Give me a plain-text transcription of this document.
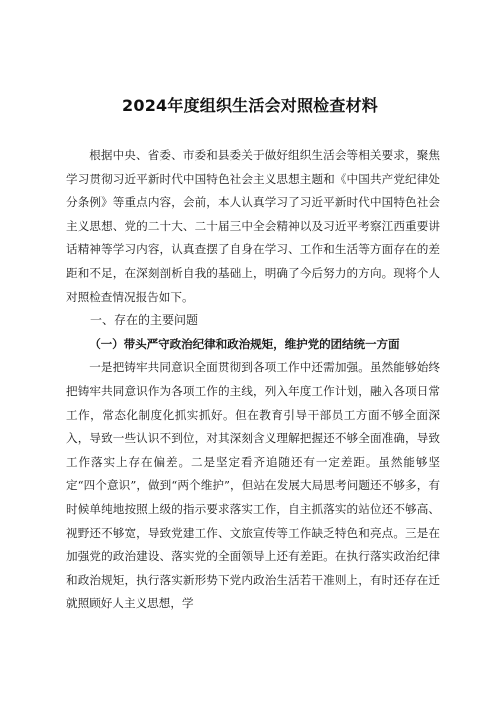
2024年度组织生活会对照检查材料

根据中央、省委、市委和县委关于做好组织生活会等相关要求，聚焦学习贯彻习近平新时代中国特色社会主义思想主题和《中国共产党纪律处分条例》等重点内容，会前，本人认真学习了习近平新时代中国特色社会主义思想、党的二十大、二十届三中全会精神以及习近平考察江西重要讲话精神等学习内容，认真查摆了自身在学习、工作和生活等方面存在的差距和不足，在深刻剖析自我的基础上，明确了今后努力的方向。现将个人对照检查情况报告如下。

一、存在的主要问题

（一）带头严守政治纪律和政治规矩，维护党的团结统一方面

一是把铸牢共同意识全面贯彻到各项工作中还需加强。虽然能够始终把铸牢共同意识作为各项工作的主线，列入年度工作计划，融入各项日常工作，常态化制度化抓实抓好。但在教育引导干部员工方面不够全面深入，导致一些认识不到位，对其深刻含义理解把握还不够全面准确，导致工作落实上存在偏差。二是坚定看齐追随还有一定差距。虽然能够坚定“四个意识”，做到“两个维护”，但站在发展大局思考问题还不够多，有时候单纯地按照上级的指示要求落实工作，自主抓落实的站位还不够高、视野还不够宽，导致党建工作、文旅宣传等工作缺乏特色和亮点。三是在加强党的政治建设、落实党的全面领导上还有差距。在执行落实政治纪律和政治规矩，执行落实新形势下党内政治生活若干准则上，有时还存在迁就照顾好人主义思想，学
